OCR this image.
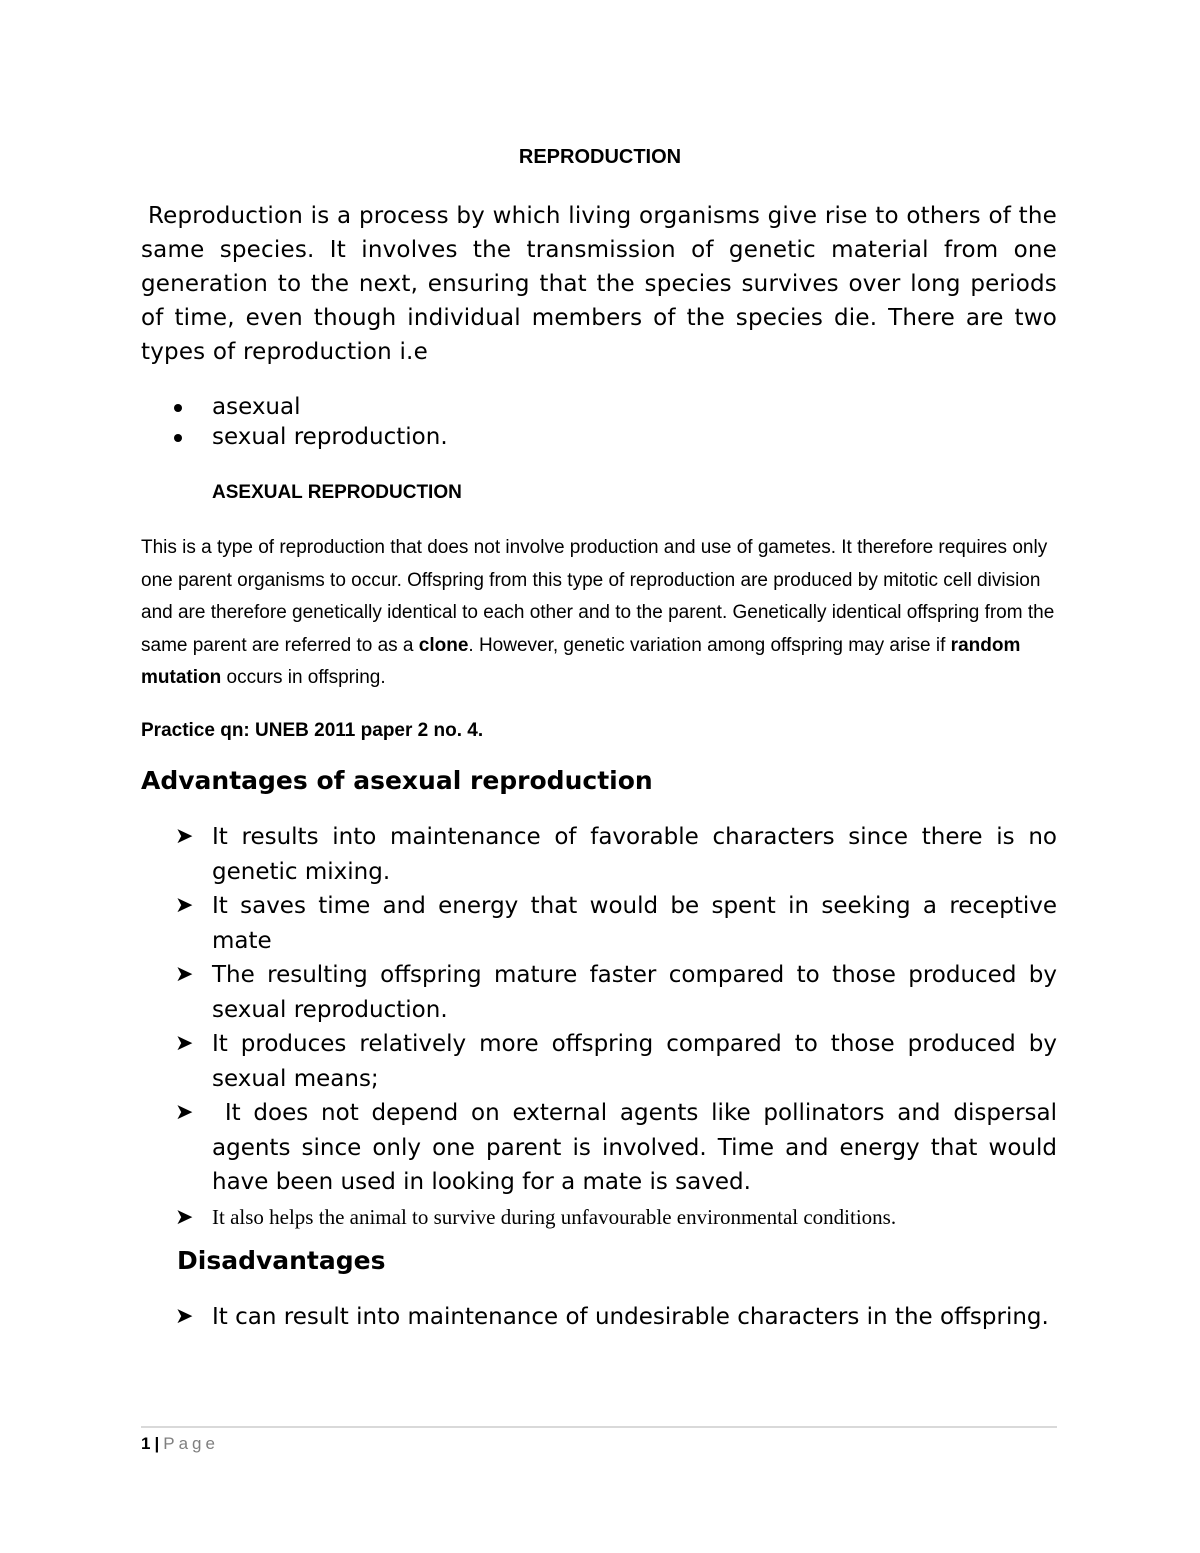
REPRODUCTION
Reproduction is a process by which living organisms give rise to others of the same species. It involves the transmission of genetic material from one generation to the next, ensuring that the species survives over long periods of time, even though individual members of the species die. There are two types of reproduction i.e
asexual
sexual reproduction.
ASEXUAL REPRODUCTION
This is a type of reproduction that does not involve production and use of gametes. It therefore requires only one parent organisms to occur. Offspring from this type of reproduction are produced by mitotic cell division and are therefore genetically identical to each other and to the parent. Genetically identical offspring from the same parent are referred to as a clone. However, genetic variation among offspring may arise if random mutation occurs in offspring.
Practice qn: UNEB 2011 paper 2 no. 4.
Advantages of asexual reproduction
➤ It results into maintenance of favorable characters since there is no genetic mixing.
➤ It saves time and energy that would be spent in seeking a receptive mate
➤ The resulting offspring mature faster compared to those produced by sexual reproduction.
➤ It produces relatively more offspring compared to those produced by sexual means;
➤ It does not depend on external agents like pollinators and dispersal agents since only one parent is involved. Time and energy that would have been used in looking for a mate is saved.
➤ It also helps the animal to survive during unfavourable environmental conditions.
Disadvantages
➤ It can result into maintenance of undesirable characters in the offspring.
1 | Page
